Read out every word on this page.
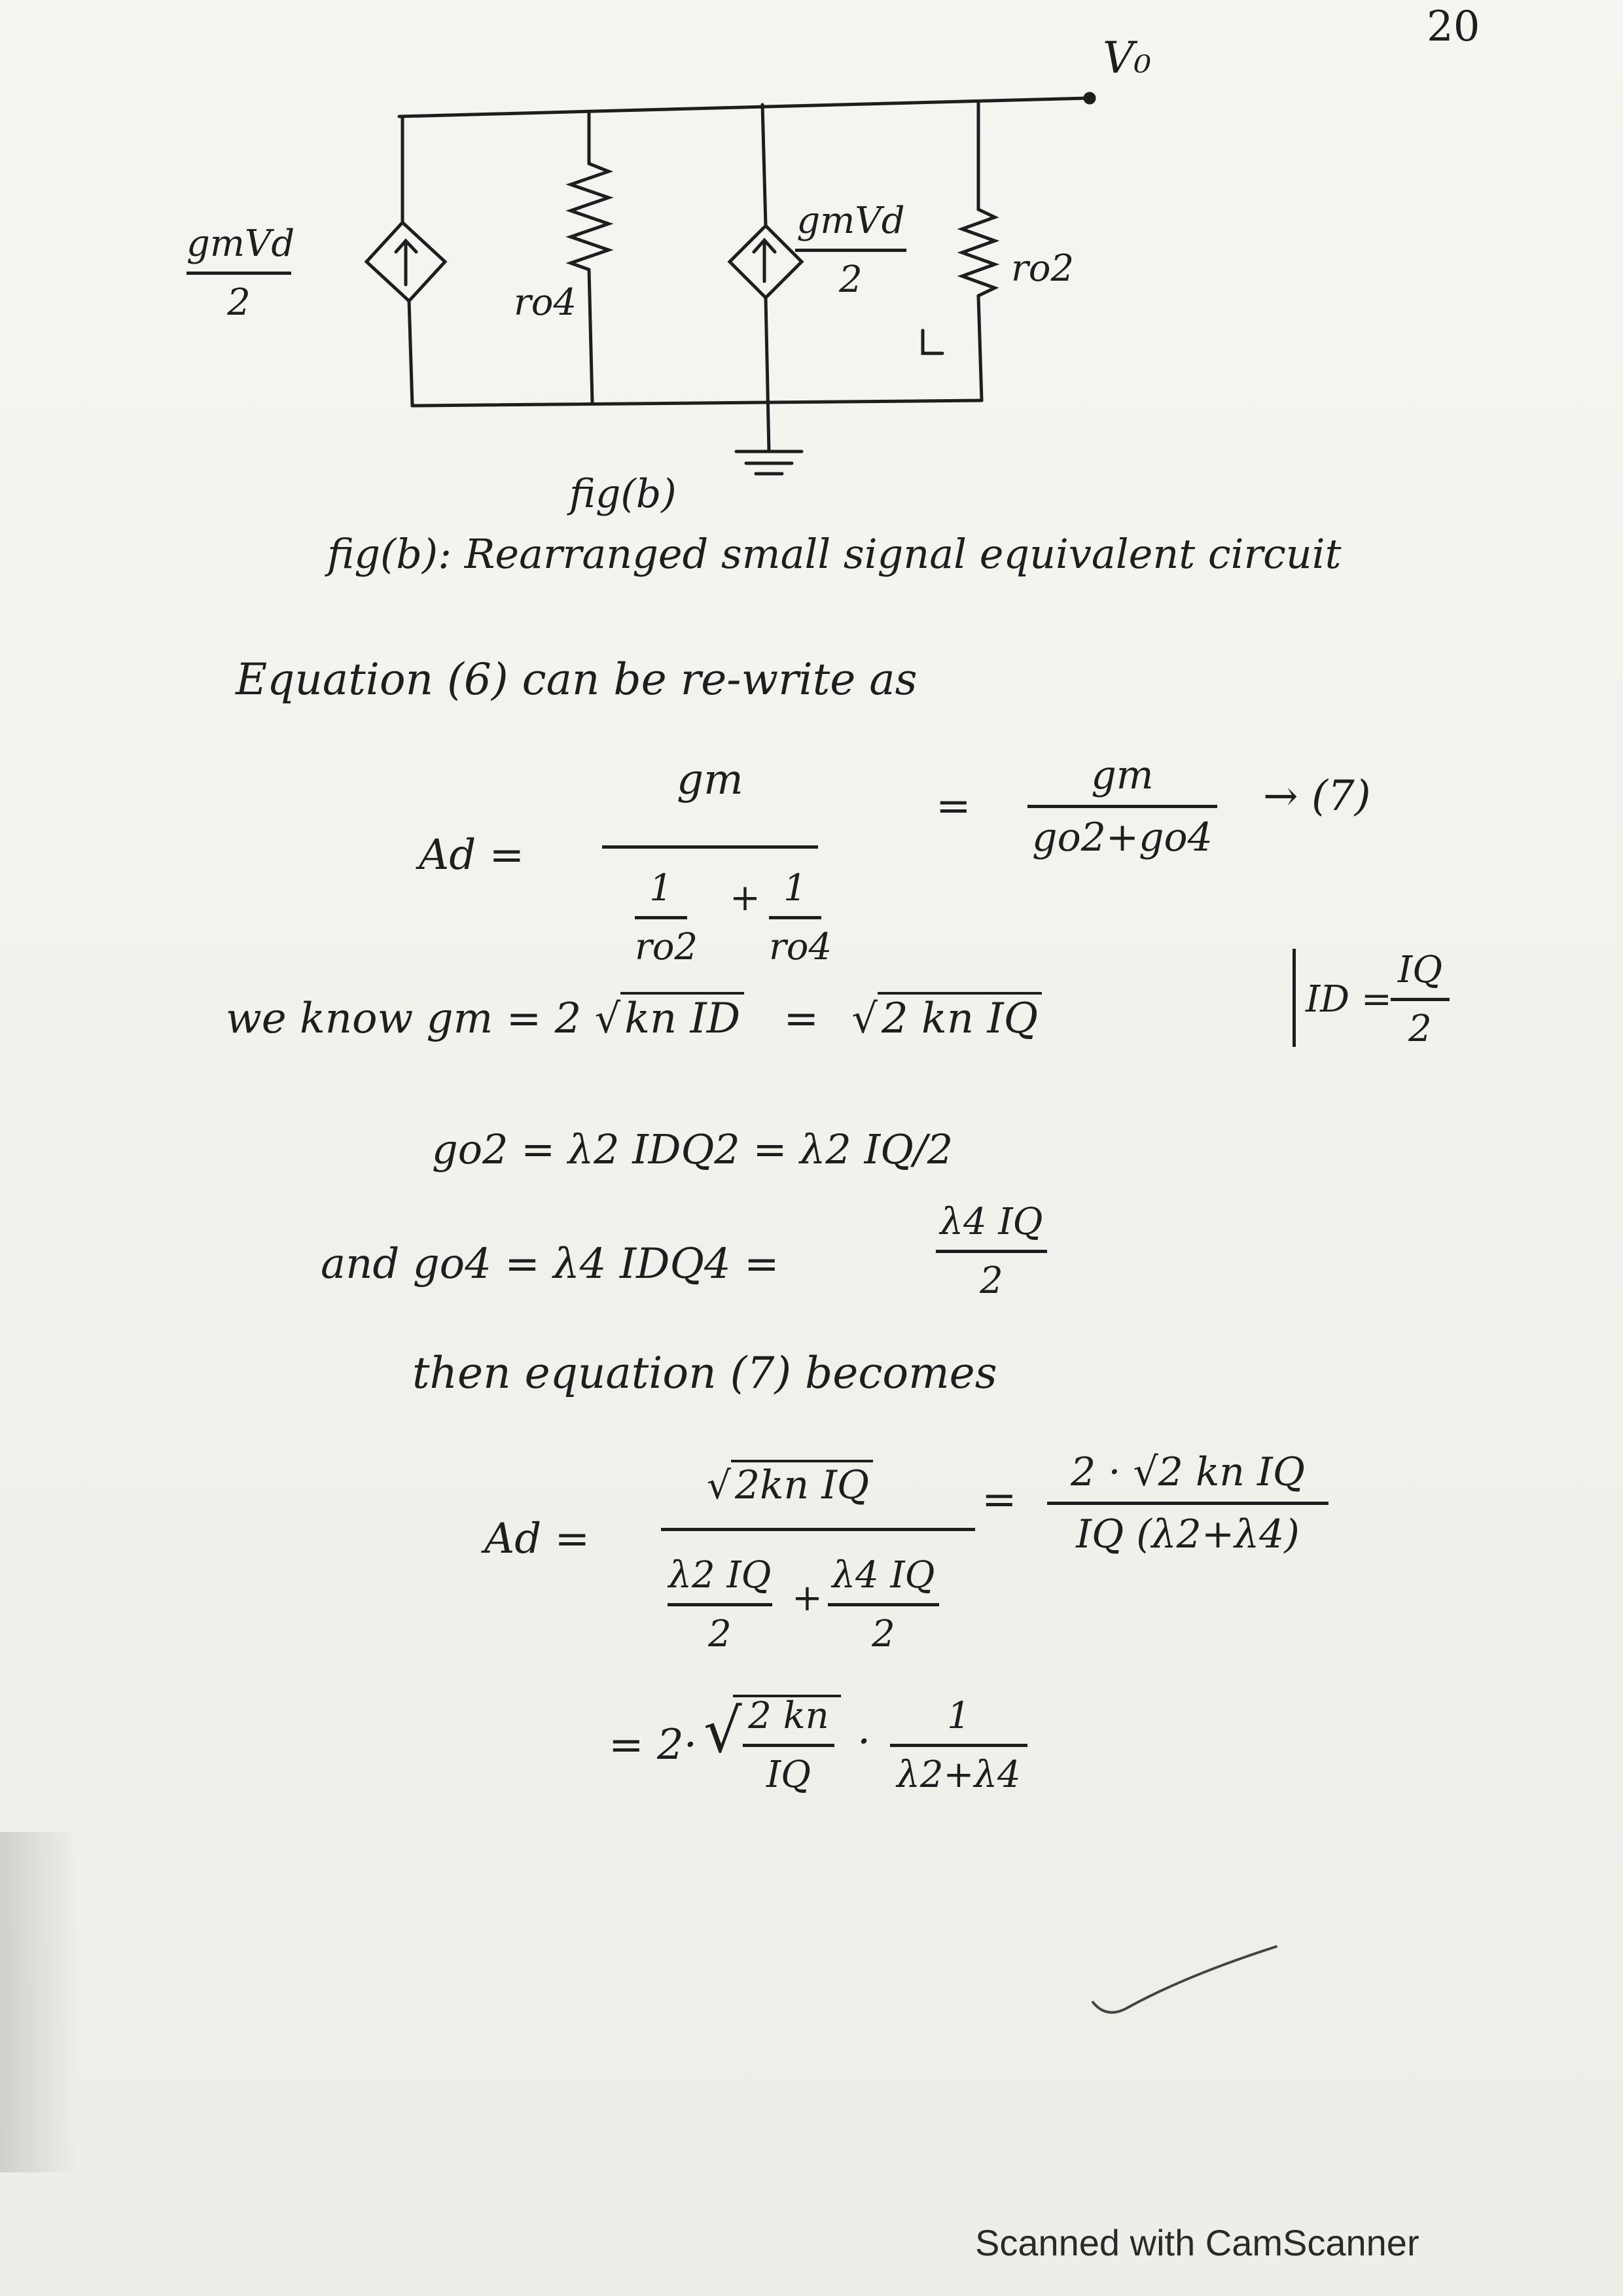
20
V₀
gmVd
2	ro4
gmVd
2	ro2
fig(b)
fig(b): Rearranged small signal equivalent circuit
Equation (6) can be re-write as
Ad =
gm
1
ro2
+ 1
ro4
=
gm
go2+go4
→ (7)
ID =
IQ
2
we know gm = 2 √kn ID = √2 kn IQ
go2 = λ2 IDQ2 = λ2 IQ/2
and go4 = λ4 IDQ4 =
λ4 IQ
2
then equation (7) becomes
Ad =
√ 2kn IQ
λ2 IQ
2
+
λ4 IQ
2
=
2 · √2 kn IQ
IQ (λ2+λ4)
= 2· √ 2 kn
IQ
·
1
λ2+λ4
Scanned with CamScanner
